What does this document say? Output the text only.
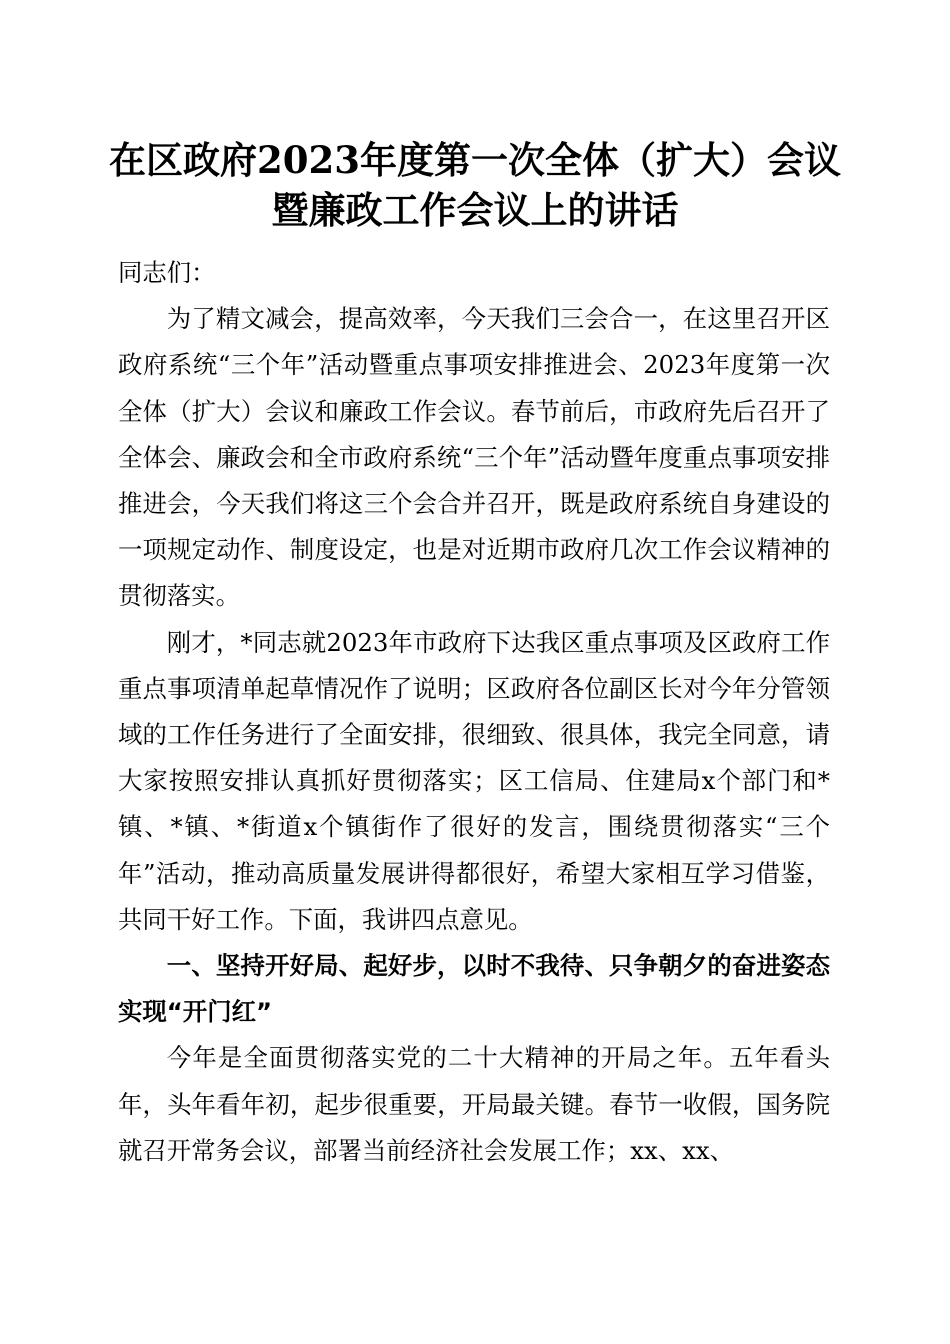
在区政府2023年度第一次全体（扩大）会议
暨廉政工作会议上的讲话

同志们：

为了精文减会，提高效率，今天我们三会合一，在这里召开区政府系统“三个年”活动暨重点事项安排推进会、2023年度第一次全体（扩大）会议和廉政工作会议。春节前后，市政府先后召开了全体会、廉政会和全市政府系统“三个年”活动暨年度重点事项安排推进会，今天我们将这三个会合并召开，既是政府系统自身建设的一项规定动作、制度设定，也是对近期市政府几次工作会议精神的贯彻落实。

刚才，*同志就2023年市政府下达我区重点事项及区政府工作重点事项清单起草情况作了说明；区政府各位副区长对今年分管领域的工作任务进行了全面安排，很细致、很具体，我完全同意，请大家按照安排认真抓好贯彻落实；区工信局、住建局x个部门和*镇、*镇、*街道x个镇街作了很好的发言，围绕贯彻落实“三个年”活动，推动高质量发展讲得都很好，希望大家相互学习借鉴，共同干好工作。下面，我讲四点意见。

一、坚持开好局、起好步，以时不我待、只争朝夕的奋进姿态实现“开门红”

今年是全面贯彻落实党的二十大精神的开局之年。五年看头年，头年看年初，起步很重要，开局最关键。春节一收假，国务院就召开常务会议，部署当前经济社会发展工作；xx、xx、
